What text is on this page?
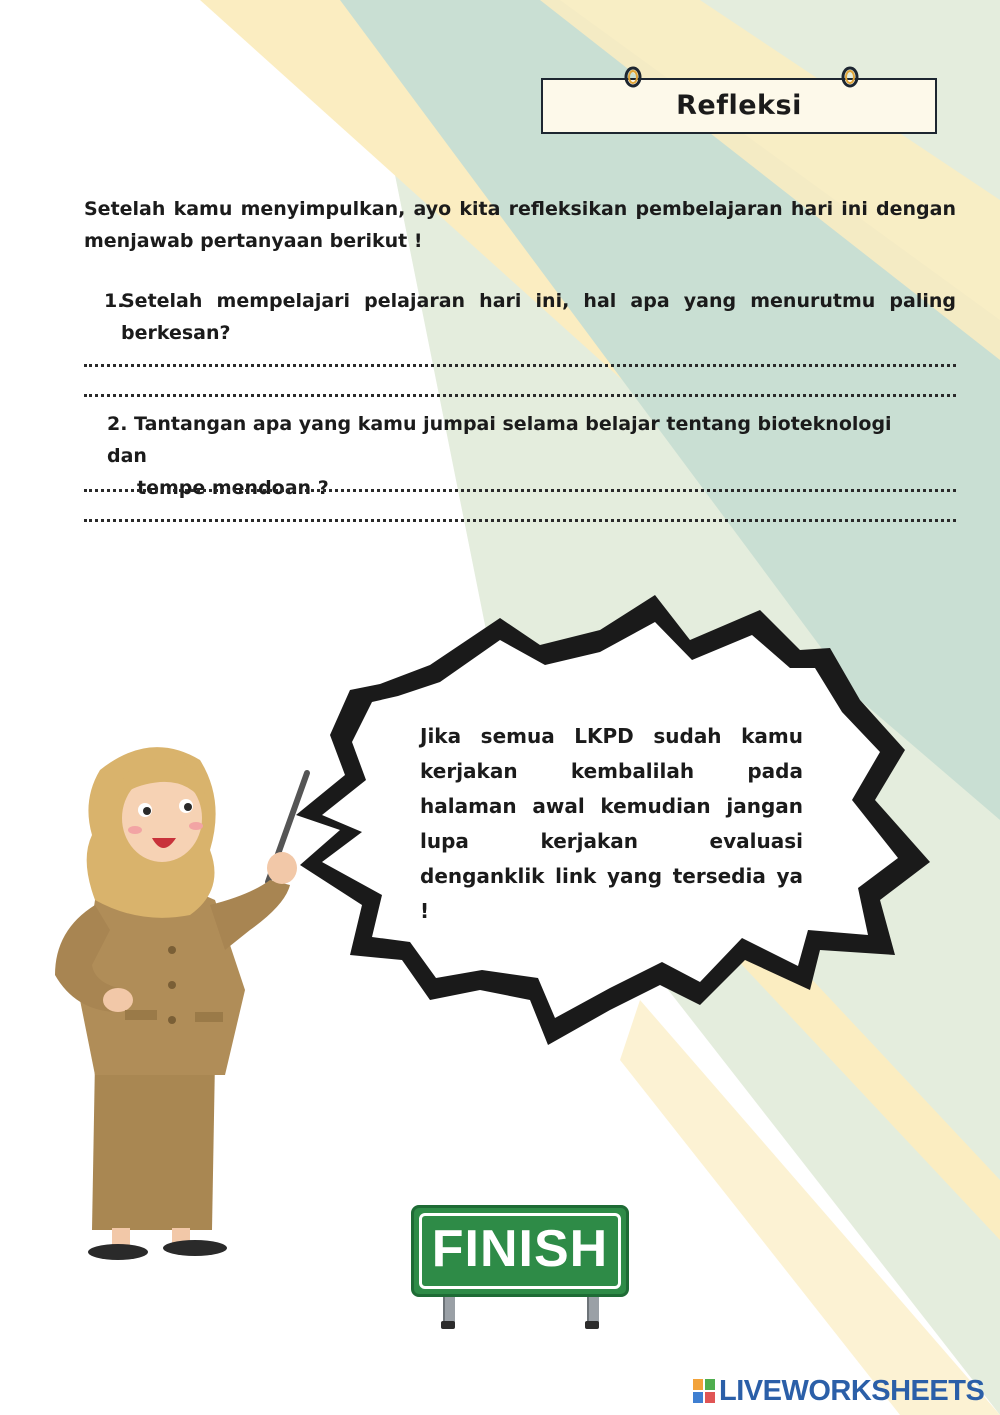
Refleksi
Setelah kamu menyimpulkan, ayo kita refleksikan pembelajaran hari ini dengan menjawab pertanyaan berikut !
1.
Setelah mempelajari pelajaran hari ini, hal apa yang menurutmu paling berkesan?
2. Tantangan apa yang kamu jumpai selama belajar tentang bioteknologi dan
tempe mendoan ?
Jika semua LKPD sudah kamu kerjakan kembalilah pada halaman awal kemudian jangan lupa kerjakan evaluasi denganklik link yang tersedia ya !
FINISH
LIVEWORKSHEETS
